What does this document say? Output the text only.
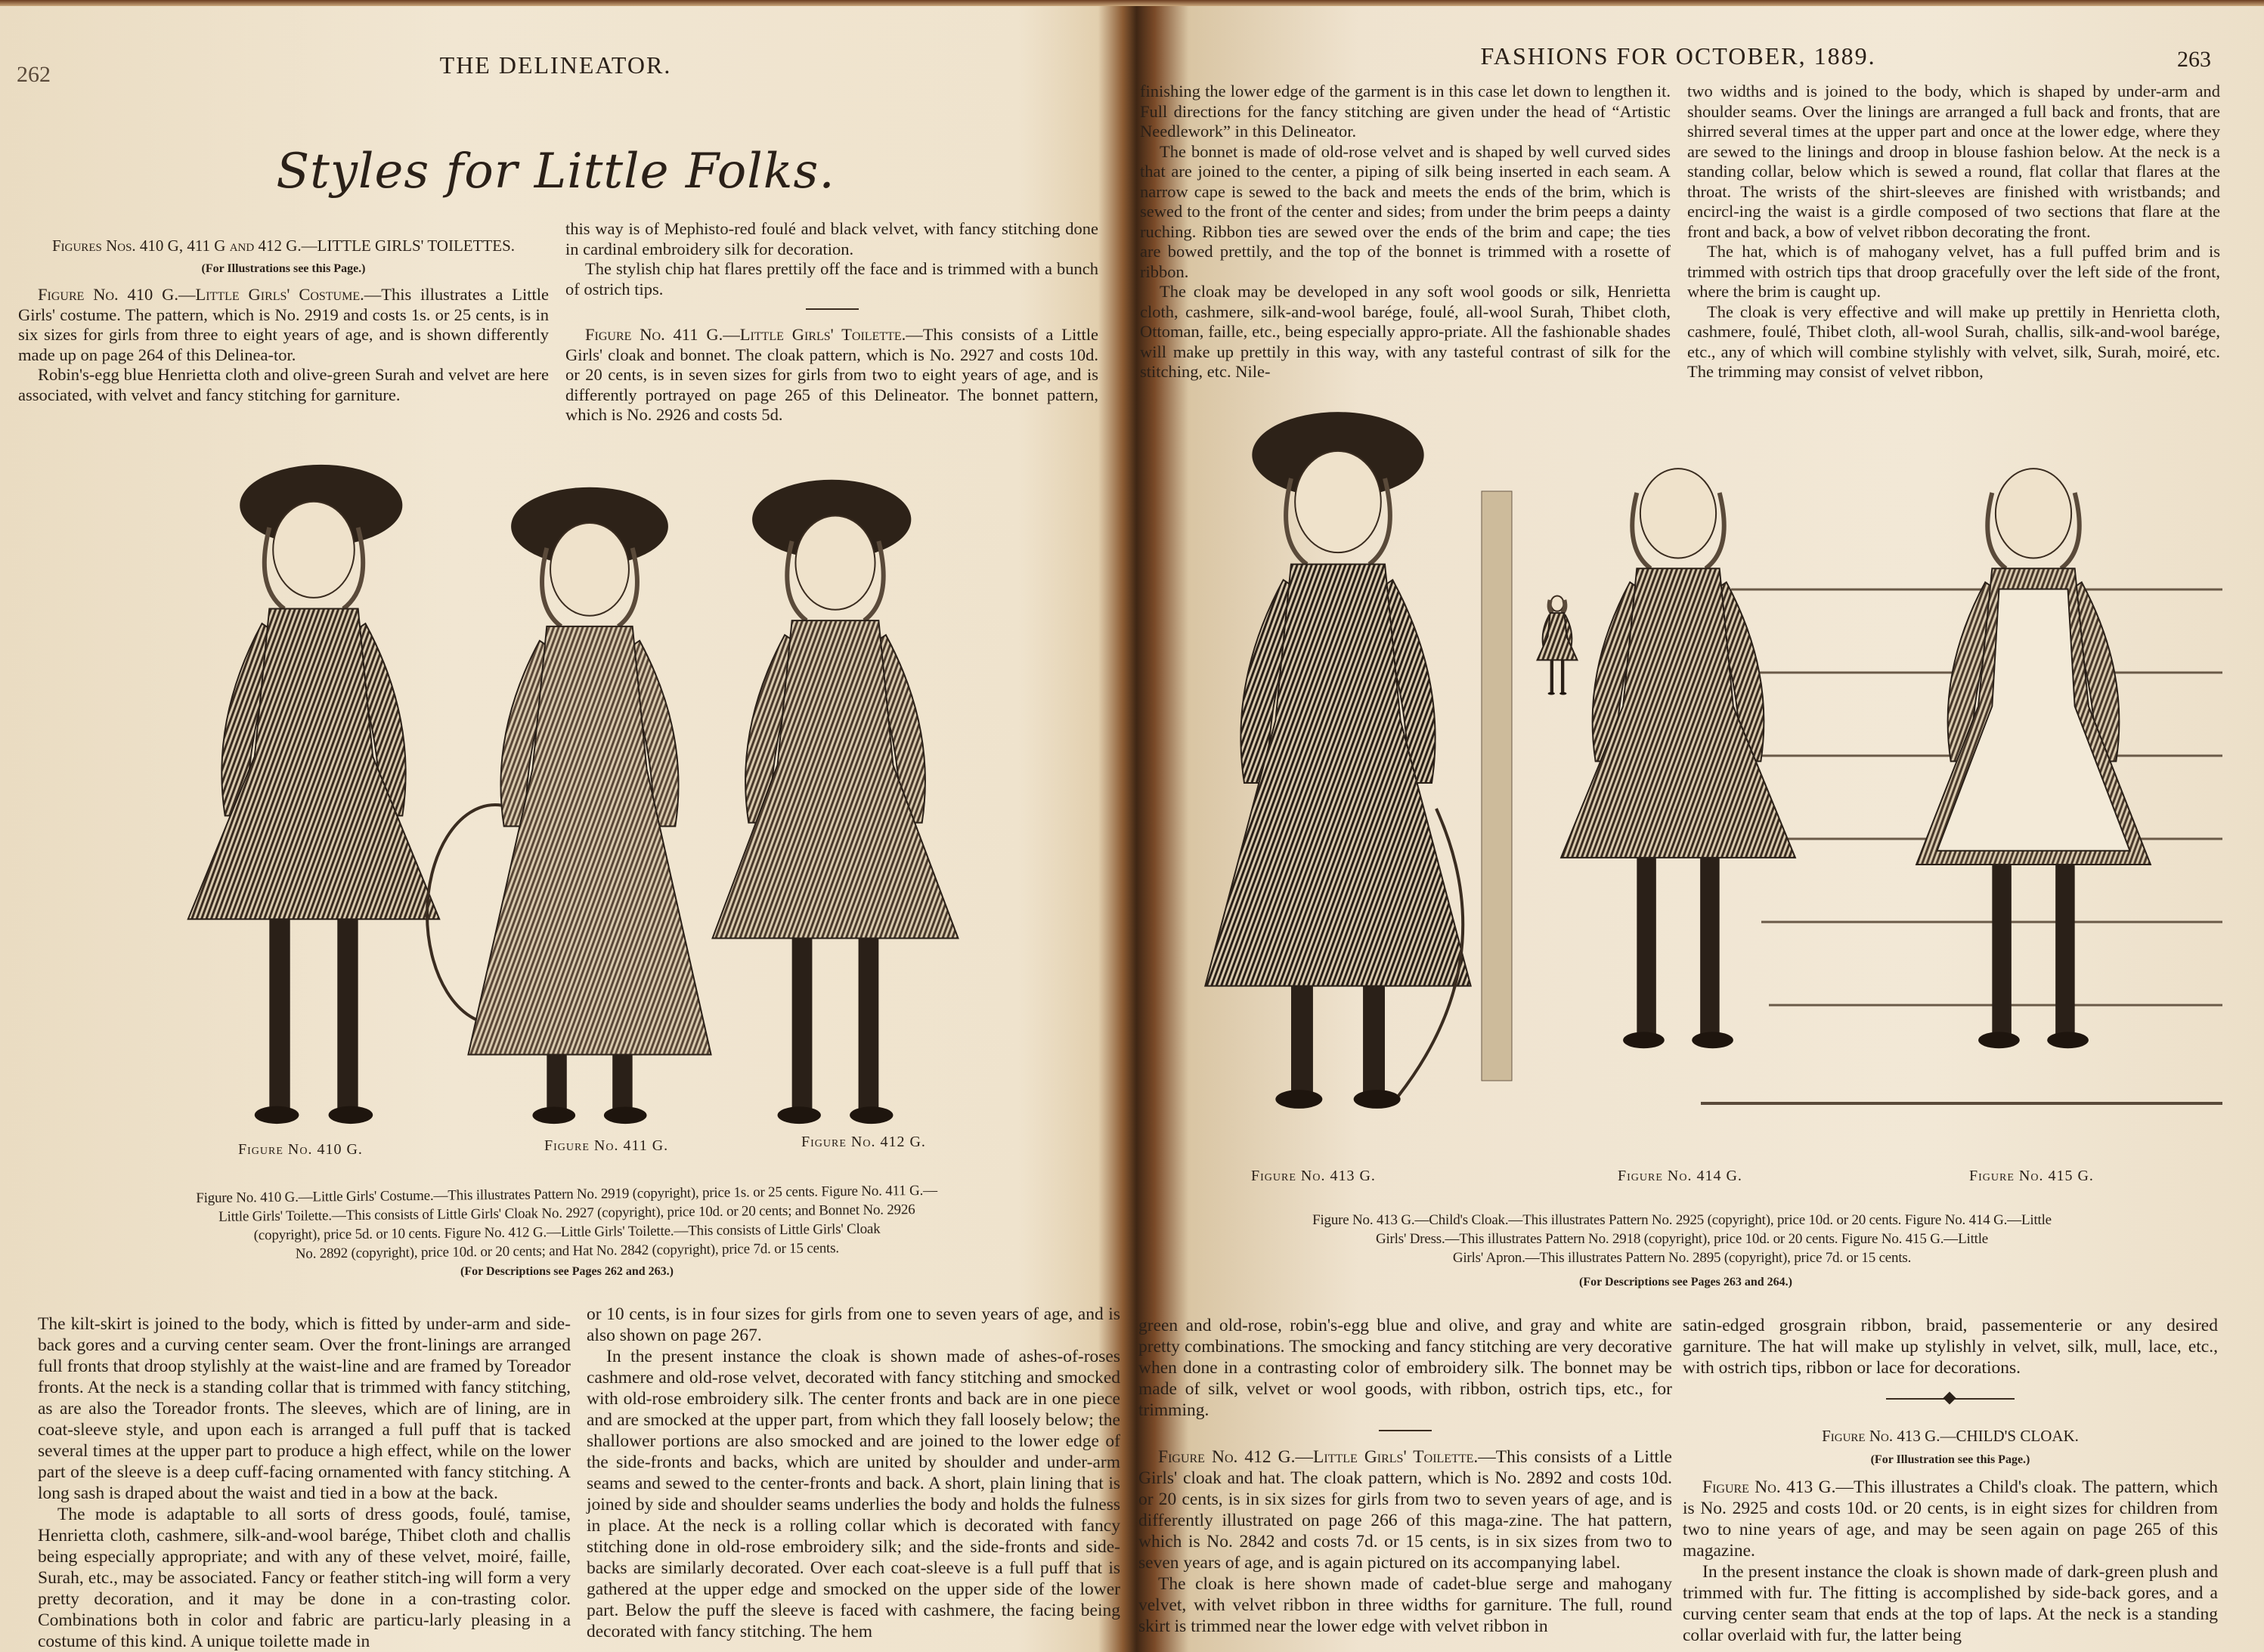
262	THE DELINEATOR.
Styles for Little Folks.

Figures Nos. 410 G, 411 G and 412 G.—LITTLE GIRLS' TOILETTES.

(For Illustrations see this Page.)

Figure No. 410 G.—Little Girls' Costume.—This illustrates a Little Girls' costume. The pattern, which is No. 2919 and costs 1s. or 25 cents, is in six sizes for girls from three to eight years of age, and is shown differently made up on page 264 of this Delinea-tor.

Robin's-egg blue Henrietta cloth and olive-green Surah and velvet are here associated, with velvet and fancy stitching for garniture.

this way is of Mephisto-red foulé and black velvet, with fancy stitching done in cardinal embroidery silk for decoration.

The stylish chip hat flares prettily off the face and is trimmed with a bunch of ostrich tips.

Figure No. 411 G.—Little Girls' Toilette.—This consists of a Little Girls' cloak and bonnet. The cloak pattern, which is No. 2927 and costs 10d. or 20 cents, is in seven sizes for girls from two to eight years of age, and is differently portrayed on page 265 of this Delineator. The bonnet pattern, which is No. 2926 and costs 5d.

Figure No. 410 G.	Figure No. 411 G.	Figure No. 412 G.
Figure No. 410 G.—Little Girls' Costume.—This illustrates Pattern No. 2919 (copyright), price 1s. or 25 cents. Figure No. 411 G.—
Little Girls' Toilette.—This consists of Little Girls' Cloak No. 2927 (copyright), price 10d. or 20 cents; and Bonnet No. 2926
(copyright), price 5d. or 10 cents. Figure No. 412 G.—Little Girls' Toilette.—This consists of Little Girls' Cloak
No. 2892 (copyright), price 10d. or 20 cents; and Hat No. 2842 (copyright), price 7d. or 15 cents.
(For Descriptions see Pages 262 and 263.)

The kilt-skirt is joined to the body, which is fitted by under-arm and side-back gores and a curving center seam. Over the front-linings are arranged full fronts that droop stylishly at the waist-line and are framed by Toreador fronts. At the neck is a standing collar that is trimmed with fancy stitching, as are also the Toreador fronts. The sleeves, which are of lining, are in coat-sleeve style, and upon each is arranged a full puff that is tacked several times at the upper part to produce a high effect, while on the lower part of the sleeve is a deep cuff-facing ornamented with fancy stitching. A long sash is draped about the waist and tied in a bow at the back.

The mode is adaptable to all sorts of dress goods, foulé, tamise, Henrietta cloth, cashmere, silk-and-wool barége, Thibet cloth and challis being especially appropriate; and with any of these velvet, moiré, faille, Surah, etc., may be associated. Fancy or feather stitch-ing will form a very pretty decoration, and it may be done in a con-trasting color. Combinations both in color and fabric are particu-larly pleasing in a costume of this kind. A unique toilette made in

or 10 cents, is in four sizes for girls from one to seven years of age, and is also shown on page 267.

In the present instance the cloak is shown made of ashes-of-roses cashmere and old-rose velvet, decorated with fancy stitching and smocked with old-rose embroidery silk. The center fronts and back are in one piece and are smocked at the upper part, from which they fall loosely below; the shallower portions are also smocked and are joined to the lower edge of the side-fronts and backs, which are united by shoulder and under-arm seams and sewed to the center-fronts and back. A short, plain lining that is joined by side and shoulder seams underlies the body and holds the fulness in place. At the neck is a rolling collar which is decorated with fancy stitching done in old-rose embroidery silk; and the side-fronts and side-backs are similarly decorated. Over each coat-sleeve is a full puff that is gathered at the upper edge and smocked on the upper side of the lower part. Below the puff the sleeve is faced with cashmere, the facing being decorated with fancy stitching. The hem

FASHIONS FOR OCTOBER, 1889.	263

finishing the lower edge of the garment is in this case let down to lengthen it. Full directions for the fancy stitching are given under the head of “Artistic Needlework” in this Delineator.

The bonnet is made of old-rose velvet and is shaped by well curved sides that are joined to the center, a piping of silk being inserted in each seam. A narrow cape is sewed to the back and meets the ends of the brim, which is sewed to the front of the center and sides; from under the brim peeps a dainty ruching. Ribbon ties are sewed over the ends of the brim and cape; the ties are bowed prettily, and the top of the bonnet is trimmed with a rosette of ribbon.

The cloak may be developed in any soft wool goods or silk, Henrietta cloth, cashmere, silk-and-wool barége, foulé, all-wool Surah, Thibet cloth, Ottoman, faille, etc., being especially appro-priate. All the fashionable shades will make up prettily in this way, with any tasteful contrast of silk for the stitching, etc. Nile-

two widths and is joined to the body, which is shaped by under-arm and shoulder seams. Over the linings are arranged a full back and fronts, that are shirred several times at the upper part and once at the lower edge, where they are sewed to the linings and droop in blouse fashion below. At the neck is a standing collar, below which is sewed a round, flat collar that flares at the throat. The wrists of the shirt-sleeves are finished with wristbands; and encircl-ing the waist is a girdle composed of two sections that flare at the front and back, a bow of velvet ribbon decorating the front.

The hat, which is of mahogany velvet, has a full puffed brim and is trimmed with ostrich tips that droop gracefully over the left side of the front, where the brim is caught up.

The cloak is very effective and will make up prettily in Henrietta cloth, cashmere, foulé, Thibet cloth, all-wool Surah, challis, silk-and-wool barége, etc., any of which will combine stylishly with velvet, silk, Surah, moiré, etc. The trimming may consist of velvet ribbon,

Figure No. 413 G.	Figure No. 414 G.	Figure No. 415 G.
Figure No. 413 G.—Child's Cloak.—This illustrates Pattern No. 2925 (copyright), price 10d. or 20 cents. Figure No. 414 G.—Little
Girls' Dress.—This illustrates Pattern No. 2918 (copyright), price 10d. or 20 cents. Figure No. 415 G.—Little
Girls' Apron.—This illustrates Pattern No. 2895 (copyright), price 7d. or 15 cents.
(For Descriptions see Pages 263 and 264.)

green and old-rose, robin's-egg blue and olive, and gray and white are pretty combinations. The smocking and fancy stitching are very decorative when done in a contrasting color of embroidery silk. The bonnet may be made of silk, velvet or wool goods, with ribbon, ostrich tips, etc., for trimming.

Figure No. 412 G.—Little Girls' Toilette.—This consists of a Little Girls' cloak and hat. The cloak pattern, which is No. 2892 and costs 10d. or 20 cents, is in six sizes for girls from two to seven years of age, and is differently illustrated on page 266 of this maga-zine. The hat pattern, which is No. 2842 and costs 7d. or 15 cents, is in six sizes from two to seven years of age, and is again pictured on its accompanying label.

The cloak is here shown made of cadet-blue serge and mahogany velvet, with velvet ribbon in three widths for garniture. The full, round skirt is trimmed near the lower edge with velvet ribbon in

satin-edged grosgrain ribbon, braid, passementerie or any desired garniture. The hat will make up stylishly in velvet, silk, mull, lace, etc., with ostrich tips, ribbon or lace for decorations.

Figure No. 413 G.—CHILD'S CLOAK.

(For Illustration see this Page.)

Figure No. 413 G.—This illustrates a Child's cloak. The pattern, which is No. 2925 and costs 10d. or 20 cents, is in eight sizes for children from two to nine years of age, and may be seen again on page 265 of this magazine.

In the present instance the cloak is shown made of dark-green plush and trimmed with fur. The fitting is accomplished by side-back gores, and a curving center seam that ends at the top of laps. At the neck is a standing collar overlaid with fur, the latter being
